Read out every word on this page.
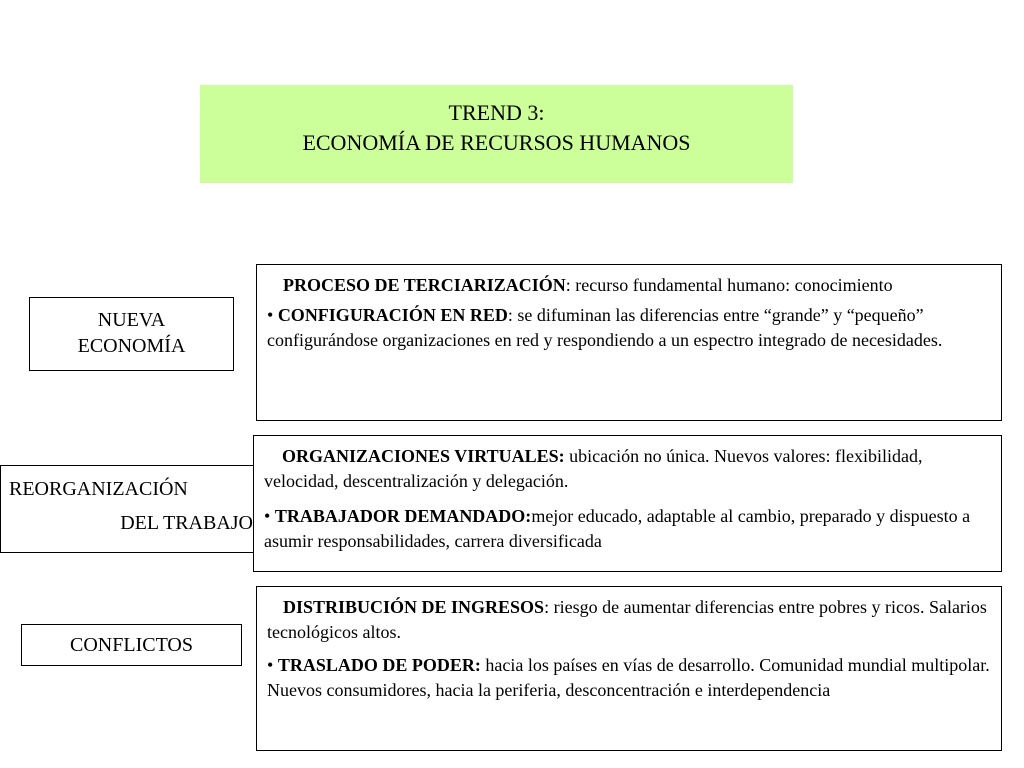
TREND 3:
ECONOMÍA DE RECURSOS HUMANOS
NUEVA
ECONOMÍA

PROCESO DE TERCIARIZACIÓN: recurso fundamental humano: conocimiento

• CONFIGURACIÓN EN RED: se difuminan las diferencias entre “grande” y “pequeño” configurándose organizaciones en red y respondiendo a un espectro integrado de necesidades.

REORGANIZACIÓN
DEL TRABAJO

ORGANIZACIONES VIRTUALES: ubicación no única. Nuevos valores: flexibilidad, velocidad, descentralización y delegación.

• TRABAJADOR DEMANDADO:mejor educado, adaptable al cambio, preparado y dispuesto a asumir responsabilidades, carrera diversificada

CONFLICTOS

DISTRIBUCIÓN DE INGRESOS: riesgo de aumentar diferencias entre pobres y ricos. Salarios tecnológicos altos.

• TRASLADO DE PODER: hacia los países en vías de desarrollo. Comunidad mundial multipolar. Nuevos consumidores, hacia la periferia, desconcentración e interdependencia
